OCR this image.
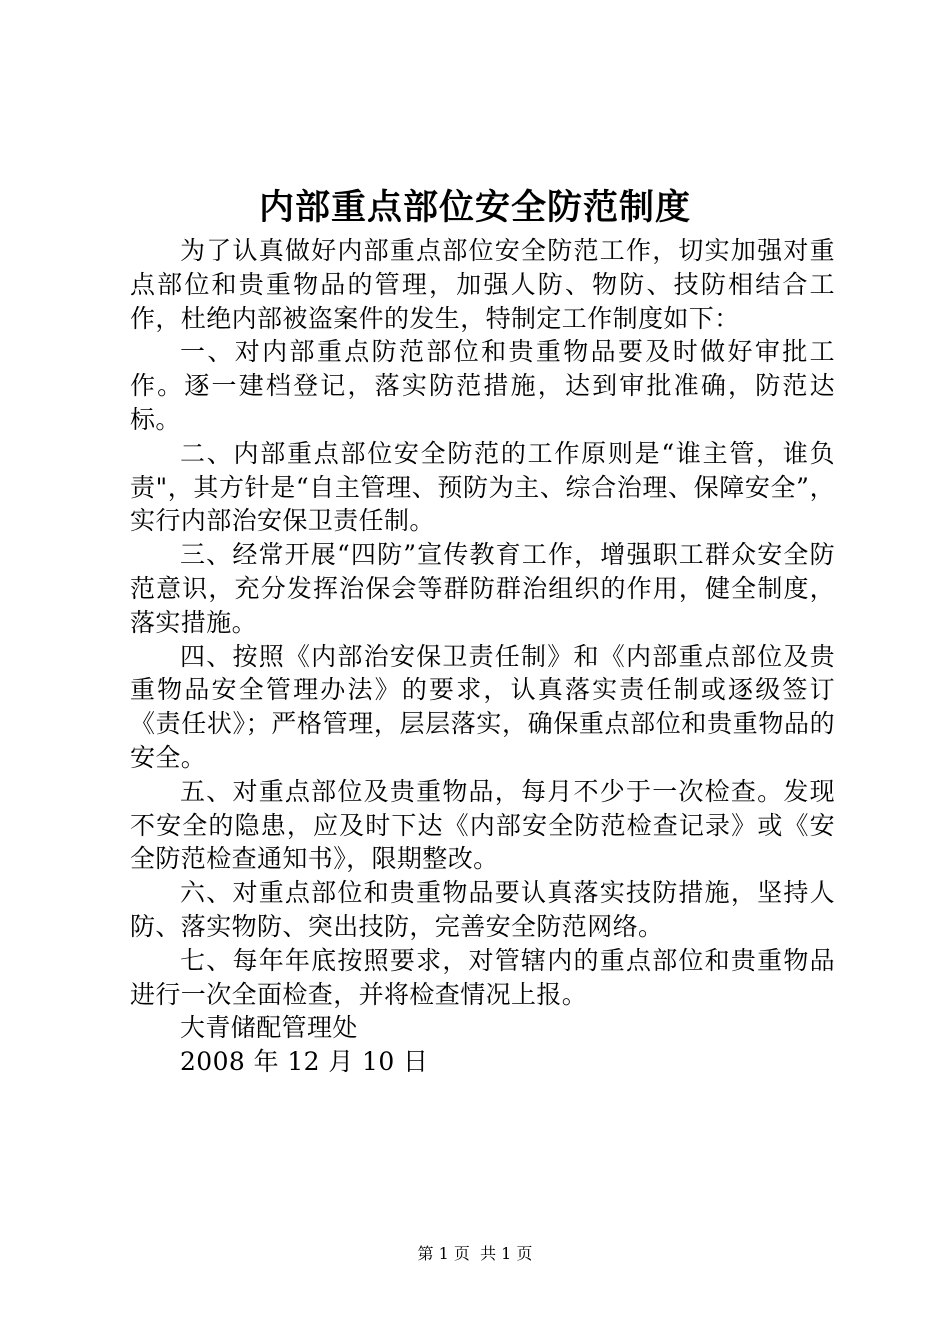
内部重点部位安全防范制度

为了认真做好内部重点部位安全防范工作，切实加强对重点部位和贵重物品的管理，加强人防、物防、技防相结合工作，杜绝内部被盗案件的发生，特制定工作制度如下：

一、对内部重点防范部位和贵重物品要及时做好审批工作。逐一建档登记，落实防范措施，达到审批准确，防范达标。

二、内部重点部位安全防范的工作原则是“谁主管，谁负责"，其方针是“自主管理、预防为主、综合治理、保障安全”，实行内部治安保卫责任制。

三、经常开展“四防”宣传教育工作，增强职工群众安全防范意识，充分发挥治保会等群防群治组织的作用，健全制度，落实措施。

四、按照《内部治安保卫责任制》和《内部重点部位及贵重物品安全管理办法》的要求，认真落实责任制或逐级签订《责任状》；严格管理，层层落实，确保重点部位和贵重物品的安全。

五、对重点部位及贵重物品，每月不少于一次检查。发现不安全的隐患，应及时下达《内部安全防范检查记录》或《安全防范检查通知书》，限期整改。

六、对重点部位和贵重物品要认真落实技防措施，坚持人防、落实物防、突出技防，完善安全防范网络。

七、每年年底按照要求，对管辖内的重点部位和贵重物品进行一次全面检查，并将检查情况上报。

大青储配管理处

2008 年 12 月 10 日

第 1 页 共 1 页
